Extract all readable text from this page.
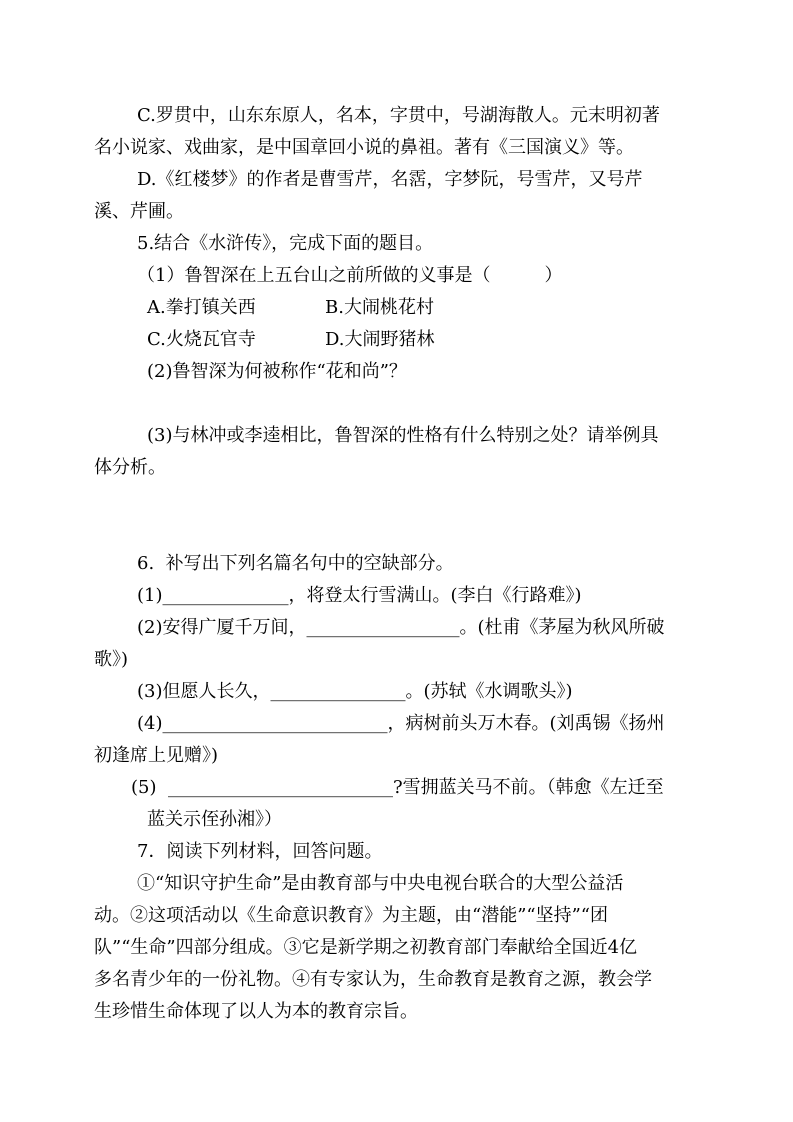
C.罗贯中，山东东原人，名本，字贯中，号湖海散人。元末明初著
名小说家、戏曲家，是中国章回小说的鼻祖。著有《三国演义》等。
D.《红楼梦》的作者是曹雪芹，名霑，字梦阮，号雪芹，又号芹
溪、芹圃。
5.结合《水浒传》，完成下面的题目。
（1）鲁智深在上五台山之前所做的义事是（　　　）
A.拳打镇关西	B.大闹桃花村
C.火烧瓦官寺	D.大闹野猪林
(2)鲁智深为何被称作“花和尚”？
(3)与林冲或李逵相比，鲁智深的性格有什么特别之处？请举例具
体分析。
6.  补写出下列名篇名句中的空缺部分。
(1)______________，将登太行雪满山。(李白《行路难》)
(2)安得广厦千万间，_________________。(杜甫《茅屋为秋风所破
歌》)
(3)但愿人长久，_______________。(苏轼《水调歌头》)
(4)_________________________，病树前头万木春。(刘禹锡《扬州
初逢席上见赠》)
(5)  _________________________?雪拥蓝关马不前。（韩愈《左迁至
蓝关示侄孙湘》）
7．阅读下列材料，回答问题。
①“知识守护生命”是由教育部与中央电视台联合的大型公益活
动。②这项活动以《生命意识教育》为主题，由“潜能”“坚持”“团
队”“生命”四部分组成。③它是新学期之初教育部门奉献给全国近4亿
多名青少年的一份礼物。④有专家认为，生命教育是教育之源，教会学
生珍惜生命体现了以人为本的教育宗旨。
